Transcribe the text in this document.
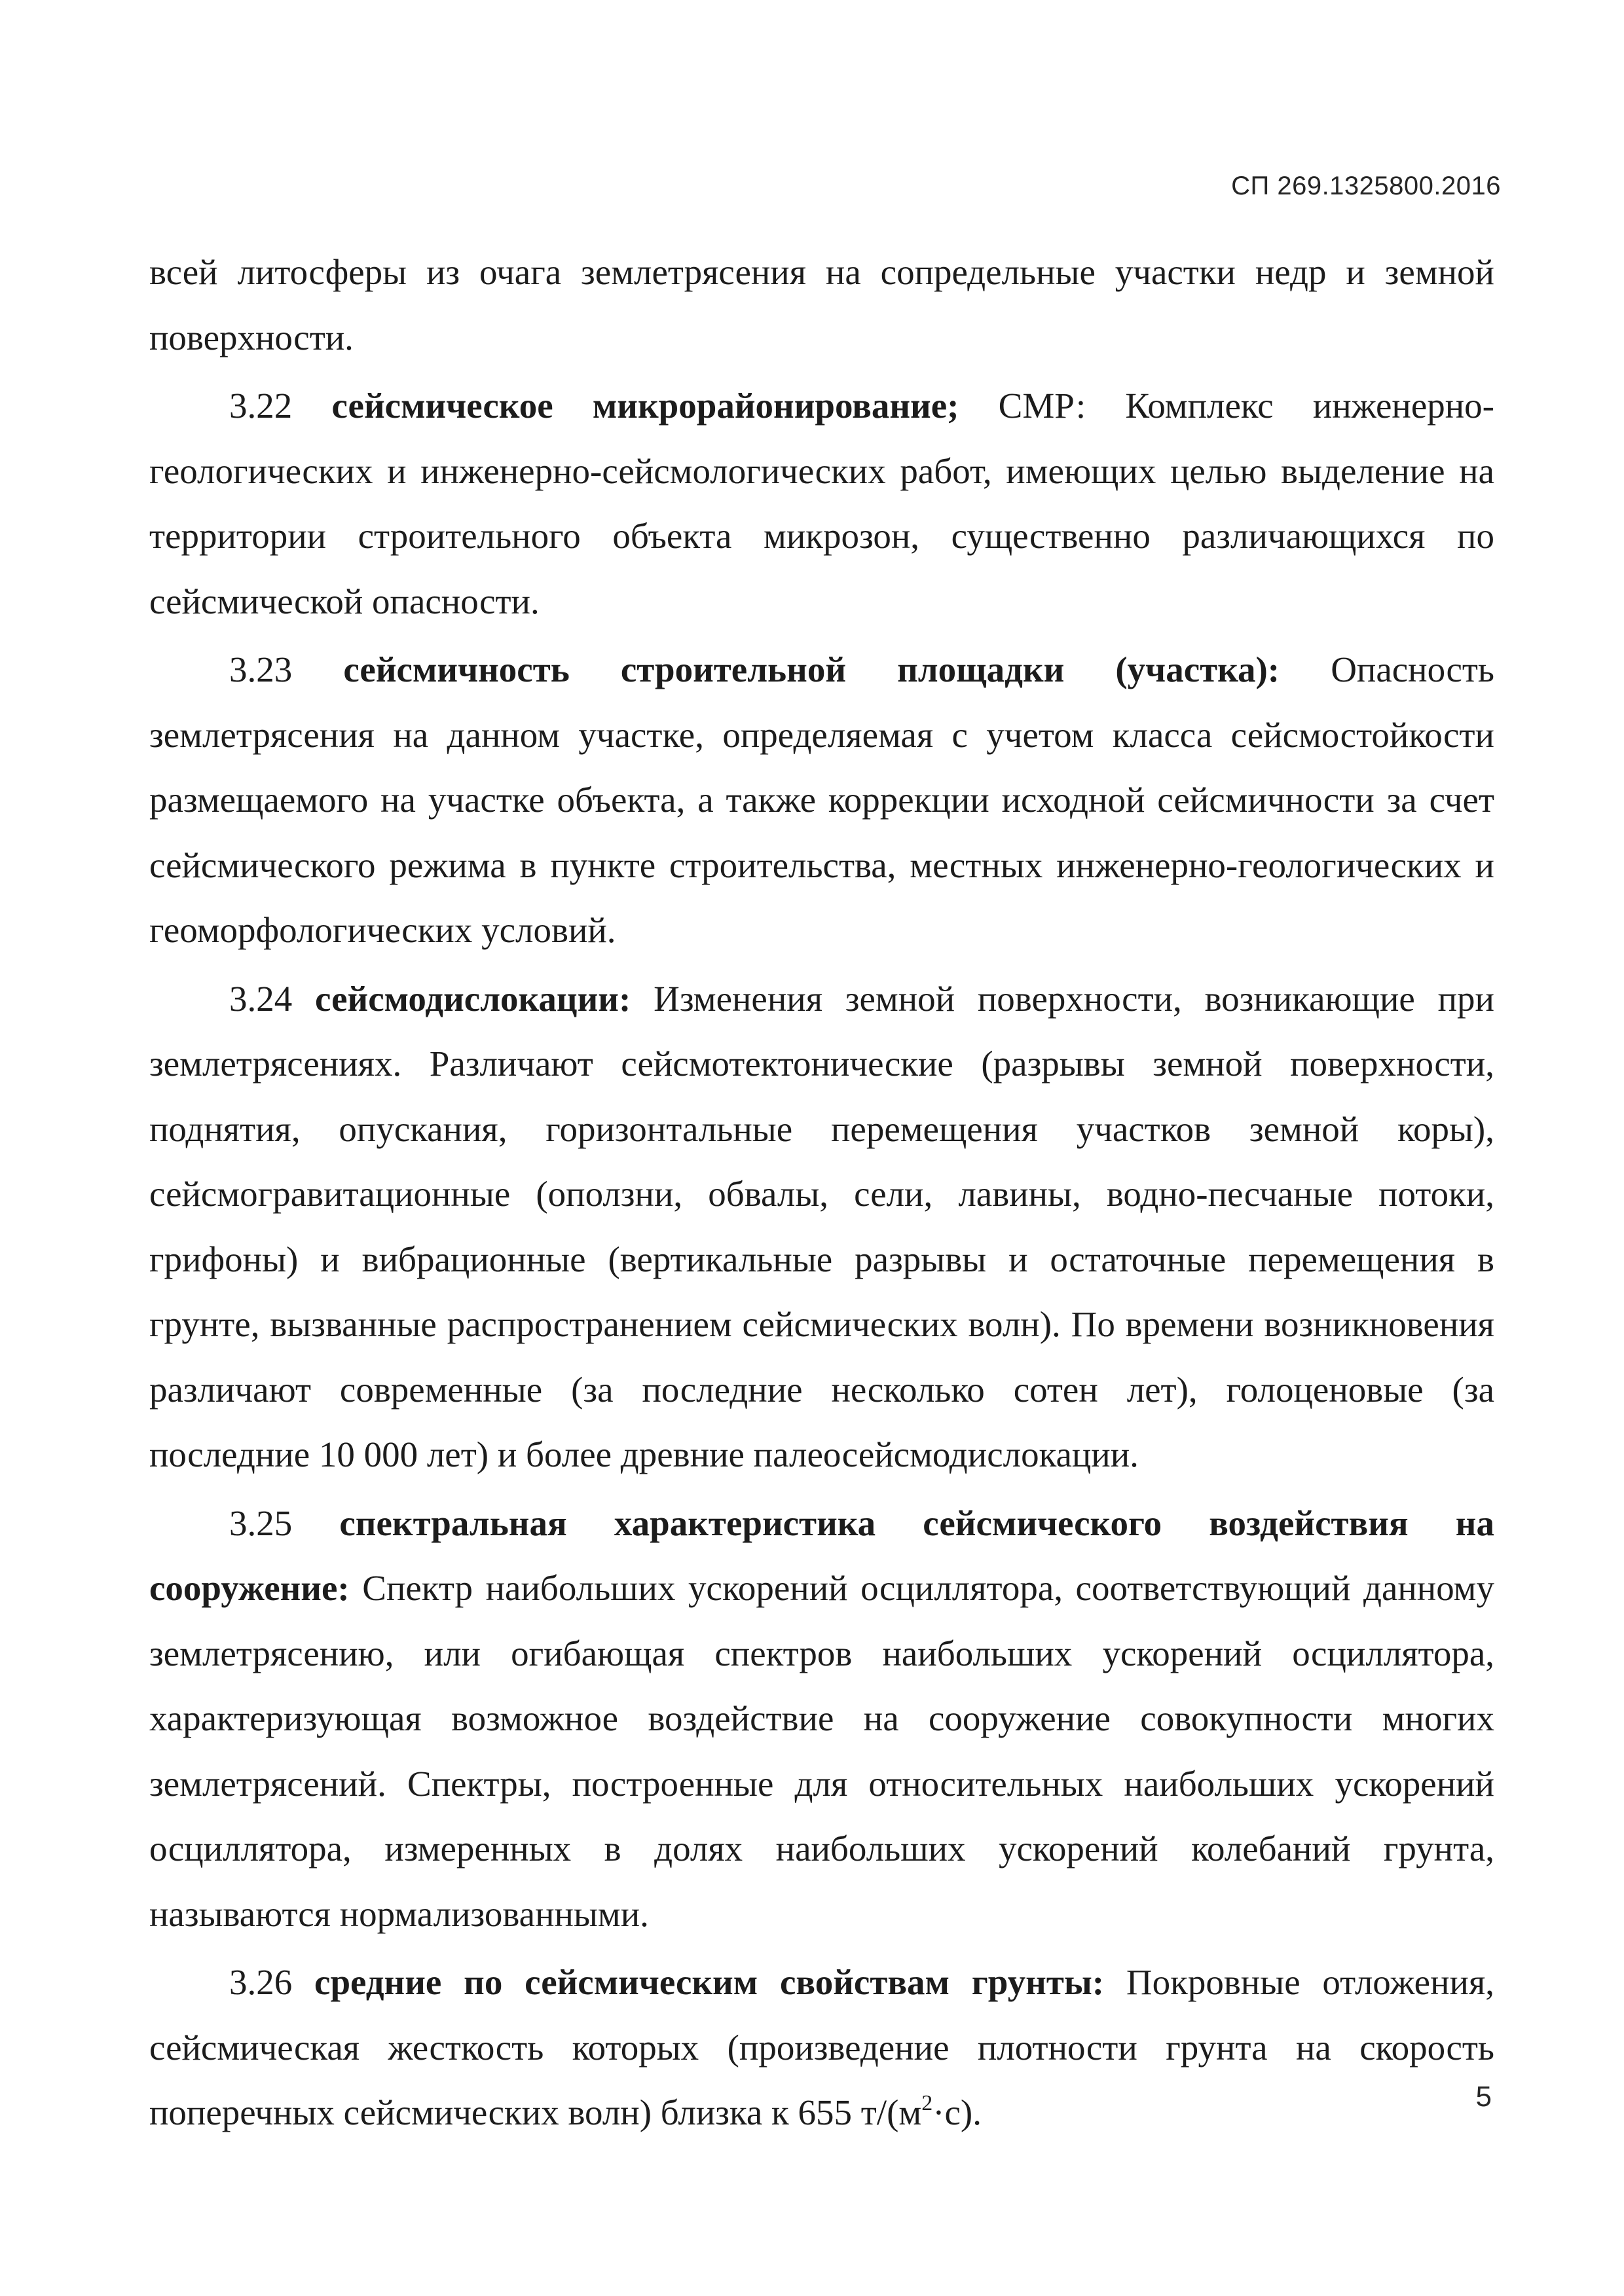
СП 269.1325800.2016

всей литосферы из очага землетрясения на сопредельные участки недр и земной поверхности.

3.22 сейсмическое микрорайонирование; СМР: Комплекс инженерно-геологических и инженерно-сейсмологических работ, имеющих целью выделение на территории строительного объекта микрозон, существенно различающихся по сейсмической опасности.

3.23 сейсмичность строительной площадки (участка): Опасность землетрясения на данном участке, определяемая с учетом класса сейсмостойкости размещаемого на участке объекта, а также коррекции исходной сейсмичности за счет сейсмического режима в пункте строительства, местных инженерно-геологических и геоморфологических условий.

3.24 сейсмодислокации: Изменения земной поверхности, возникающие при землетрясениях. Различают сейсмотектонические (разрывы земной поверхности, поднятия, опускания, горизонтальные перемещения участков земной коры), сейсмогравитационные (оползни, обвалы, сели, лавины, водно-песчаные потоки, грифоны) и вибрационные (вертикальные разрывы и остаточные перемещения в грунте, вызванные распространением сейсмических волн). По времени возникновения различают современные (за последние несколько сотен лет), голоценовые (за последние 10 000 лет) и более древние палеосейсмодислокации.

3.25 спектральная характеристика сейсмического воздействия на сооружение: Спектр наибольших ускорений осциллятора, соответствующий данному землетрясению, или огибающая спектров наибольших ускорений осциллятора, характеризующая возможное воздействие на сооружение совокупности многих землетрясений. Спектры, построенные для относительных наибольших ускорений осциллятора, измеренных в долях наибольших ускорений колебаний грунта, называются нормализованными.

3.26 средние по сейсмическим свойствам грунты: Покровные отложения, сейсмическая жесткость которых (произведение плотности грунта на скорость поперечных сейсмических волн) близка к 655 $т/(м^2\cdot с)$.	5
